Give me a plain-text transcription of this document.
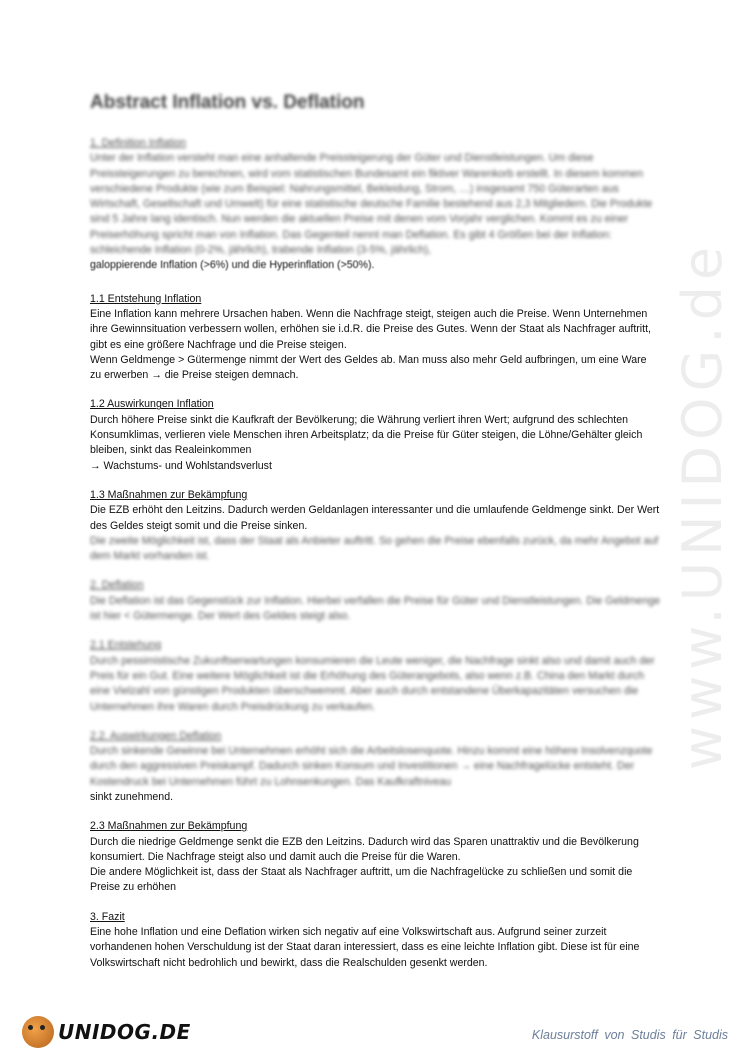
www.UNIDOG.de
Abstract Inflation vs. Deflation
1. Definition Inflation

Unter der Inflation versteht man eine anhaltende Preissteigerung der Güter und Dienstleistungen. Um diese Preissteigerungen zu berechnen, wird vom statistischen Bundesamt ein fiktiver Warenkorb erstellt. In diesem kommen verschiedene Produkte (wie zum Beispiel: Nahrungsmittel, Bekleidung, Strom, …) insgesamt 750 Güterarten aus Wirtschaft, Gesellschaft und Umwelt) für eine statistische deutsche Familie bestehend aus 2,3 Mitgliedern. Die Produkte sind 5 Jahre lang identisch. Nun werden die aktuellen Preise mit denen vom Vorjahr verglichen. Kommt es zu einer Preiserhöhung spricht man von Inflation. Das Gegenteil nennt man Deflation. Es gibt 4 Größen bei der Inflation: schleichende Inflation (0-2%, jährlich), trabende Inflation (3-5%, jährlich),

galoppierende Inflation (>6%) und die Hyperinflation (>50%).

1.1 Entstehung Inflation

Eine Inflation kann mehrere Ursachen haben. Wenn die Nachfrage steigt, steigen auch die Preise. Wenn Unternehmen ihre Gewinnsituation verbessern wollen, erhöhen sie i.d.R. die Preise des Gutes. Wenn der Staat als Nachfrager auftritt, gibt es eine größere Nachfrage und die Preise steigen.

Wenn Geldmenge > Gütermenge nimmt der Wert des Geldes ab. Man muss also mehr Geld aufbringen, um eine Ware zu erwerben → die Preise steigen demnach.

1.2 Auswirkungen Inflation

Durch höhere Preise sinkt die Kaufkraft der Bevölkerung; die Währung verliert ihren Wert; aufgrund des schlechten Konsumklimas, verlieren viele Menschen ihren Arbeitsplatz; da die Preise für Güter steigen, die Löhne/Gehälter gleich bleiben, sinkt das Realeinkommen

→ Wachstums- und Wohlstandsverlust

1.3 Maßnahmen zur Bekämpfung

Die EZB erhöht den Leitzins. Dadurch werden Geldanlagen interessanter und die umlaufende Geldmenge sinkt. Der Wert des Geldes steigt somit und die Preise sinken.

Die zweite Möglichkeit ist, dass der Staat als Anbieter auftritt. So gehen die Preise ebenfalls zurück, da mehr Angebot auf dem Markt vorhanden ist.

2. Deflation

Die Deflation ist das Gegenstück zur Inflation. Hierbei verfallen die Preise für Güter und Dienstleistungen. Die Geldmenge ist hier < Gütermenge. Der Wert des Geldes steigt also.

2.1 Entstehung

Durch pessimistische Zukunftserwartungen konsumieren die Leute weniger, die Nachfrage sinkt also und damit auch der Preis für ein Gut. Eine weitere Möglichkeit ist die Erhöhung des Güterangebots, also wenn z.B. China den Markt durch eine Vielzahl von günstigen Produkten überschwemmt. Aber auch durch entstandene Überkapazitäten versuchen die Unternehmen ihre Waren durch Preisdrückung zu verkaufen.

2.2. Auswirkungen Deflation

Durch sinkende Gewinne bei Unternehmen erhöht sich die Arbeitslosenquote. Hinzu kommt eine höhere Insolvenzquote durch den aggressiven Preiskampf. Dadurch sinken Konsum und Investitionen → eine Nachfragelücke entsteht. Der Kostendruck bei Unternehmen führt zu Lohnsenkungen. Das Kaufkraftniveau

sinkt zunehmend.

2.3 Maßnahmen zur Bekämpfung

Durch die niedrige Geldmenge senkt die EZB den Leitzins. Dadurch wird das Sparen unattraktiv und die Bevölkerung konsumiert. Die Nachfrage steigt also und damit auch die Preise für die Waren.

Die andere Möglichkeit ist, dass der Staat als Nachfrager auftritt, um die Nachfragelücke zu schließen und somit die Preise zu erhöhen

3. Fazit

Eine hohe Inflation und eine Deflation wirken sich negativ auf eine Volkswirtschaft aus. Aufgrund seiner zurzeit vorhandenen hohen Verschuldung ist der Staat daran interessiert, dass es eine leichte Inflation gibt. Diese ist für eine Volkswirtschaft nicht bedrohlich und bewirkt, dass die Realschulden gesenkt werden.

UNIDOG.DE	Klausurstoff von Studis für Studis
